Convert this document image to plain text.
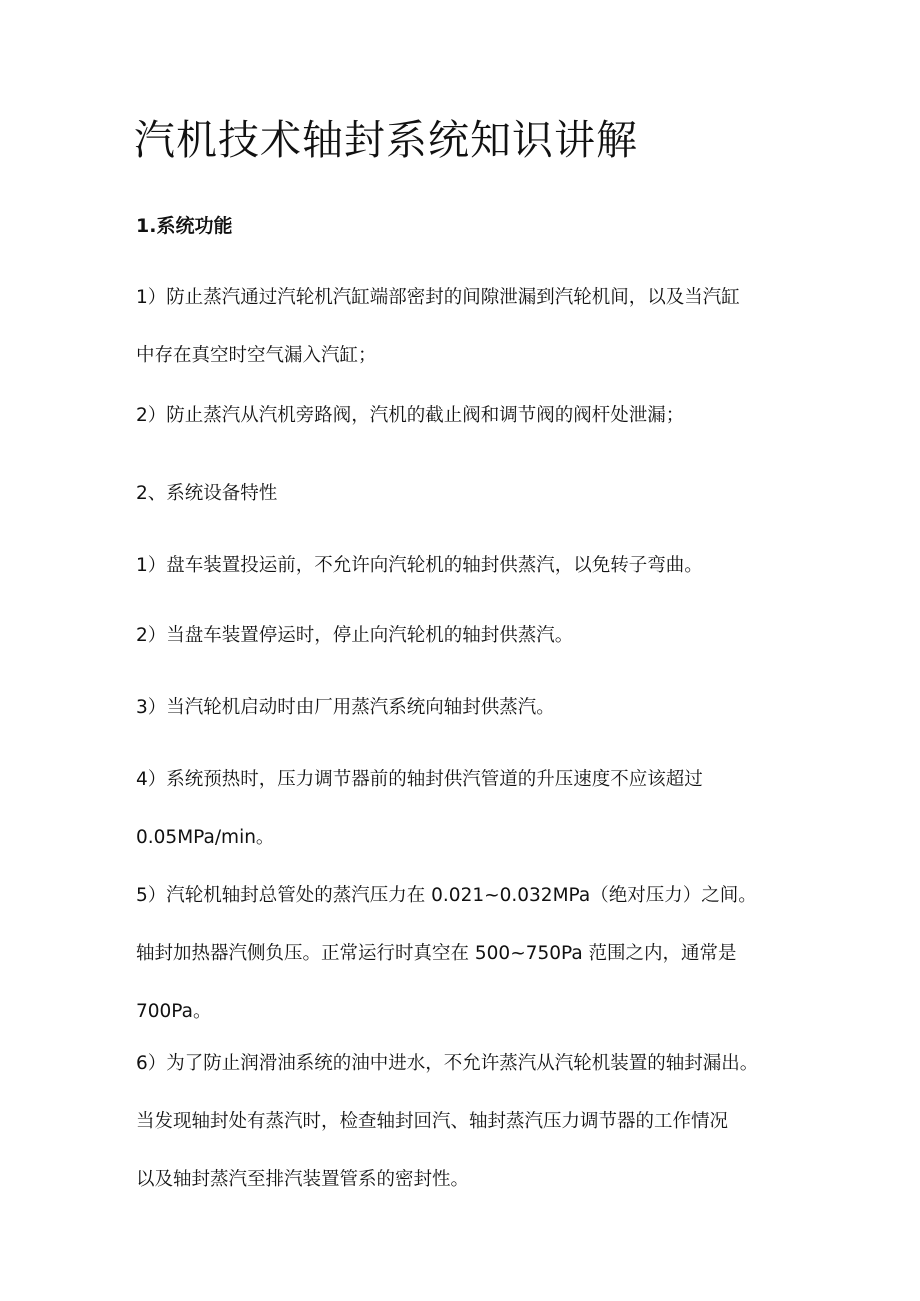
汽机技术轴封系统知识讲解
1.系统功能

1）防止蒸汽通过汽轮机汽缸端部密封的间隙泄漏到汽轮机间，以及当汽缸
中存在真空时空气漏入汽缸；

2）防止蒸汽从汽机旁路阀，汽机的截止阀和调节阀的阀杆处泄漏；

2、系统设备特性

1）盘车装置投运前，不允许向汽轮机的轴封供蒸汽，以免转子弯曲。

2）当盘车装置停运时，停止向汽轮机的轴封供蒸汽。

3）当汽轮机启动时由厂用蒸汽系统向轴封供蒸汽。

4）系统预热时，压力调节器前的轴封供汽管道的升压速度不应该超过
0.05MPa/min。

5）汽轮机轴封总管处的蒸汽压力在 0.021~0.032MPa（绝对压力）之间。
轴封加热器汽侧负压。正常运行时真空在 500~750Pa 范围之内，通常是
700Pa。

6）为了防止润滑油系统的油中进水，不允许蒸汽从汽轮机装置的轴封漏出。
当发现轴封处有蒸汽时，检查轴封回汽、轴封蒸汽压力调节器的工作情况
以及轴封蒸汽至排汽装置管系的密封性。
